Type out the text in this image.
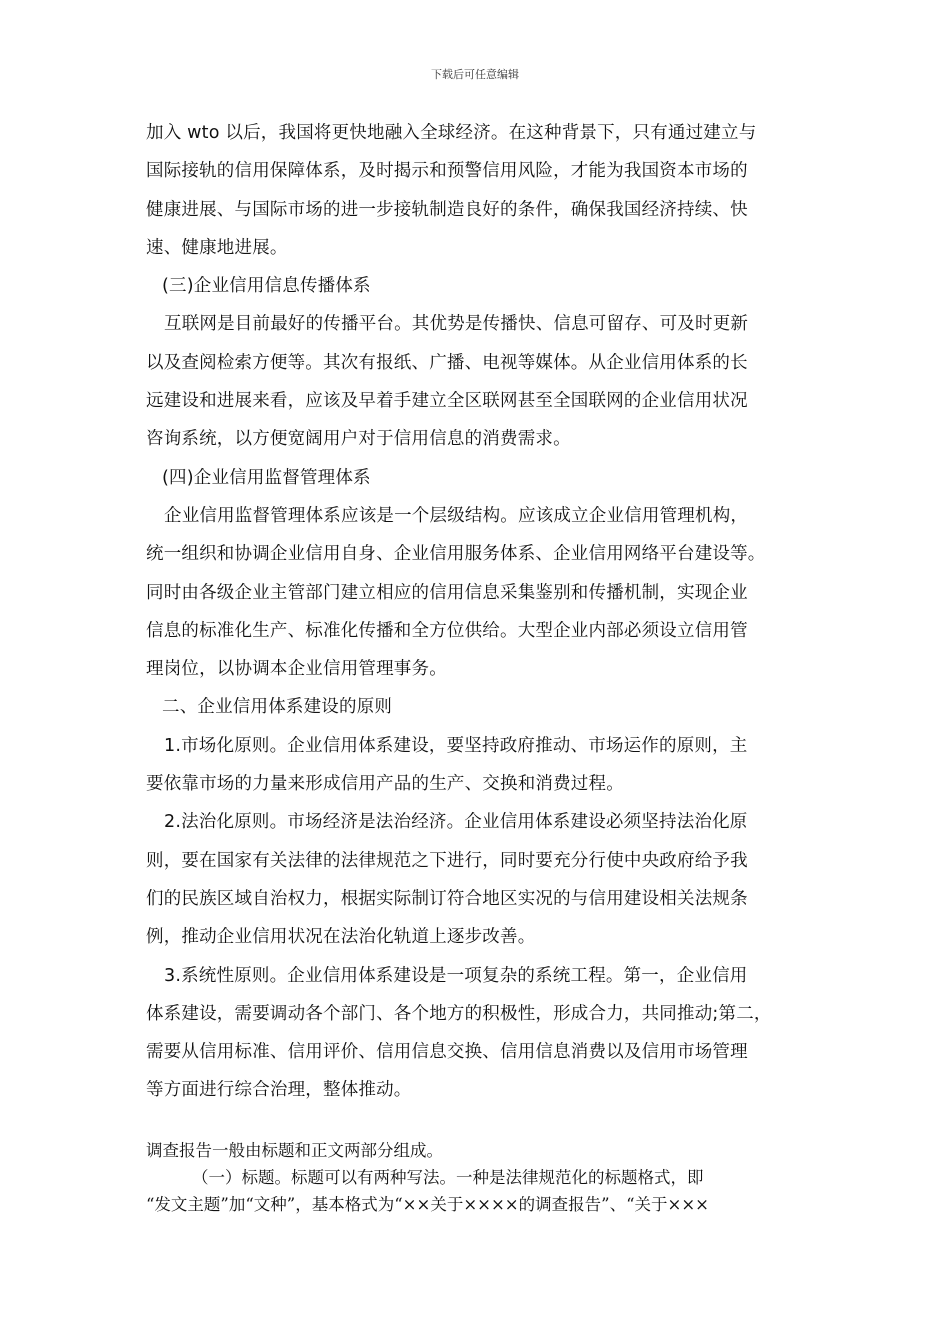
下载后可任意编辑
加入 wto 以后，我国将更快地融入全球经济。在这种背景下，只有通过建立与
国际接轨的信用保障体系，及时揭示和预警信用风险，才能为我国资本市场的
健康进展、与国际市场的进一步接轨制造良好的条件，确保我国经济持续、快
速、健康地进展。
(三)企业信用信息传播体系
互联网是目前最好的传播平台。其优势是传播快、信息可留存、可及时更新
以及查阅检索方便等。其次有报纸、广播、电视等媒体。从企业信用体系的长
远建设和进展来看，应该及早着手建立全区联网甚至全国联网的企业信用状况
咨询系统，以方便宽阔用户对于信用信息的消费需求。
(四)企业信用监督管理体系
企业信用监督管理体系应该是一个层级结构。应该成立企业信用管理机构，
统一组织和协调企业信用自身、企业信用服务体系、企业信用网络平台建设等。
同时由各级企业主管部门建立相应的信用信息采集鉴别和传播机制，实现企业
信息的标准化生产、标准化传播和全方位供给。大型企业内部必须设立信用管
理岗位，以协调本企业信用管理事务。
二、企业信用体系建设的原则
1.市场化原则。企业信用体系建设，要坚持政府推动、市场运作的原则，主
要依靠市场的力量来形成信用产品的生产、交换和消费过程。
2.法治化原则。市场经济是法治经济。企业信用体系建设必须坚持法治化原
则，要在国家有关法律的法律规范之下进行，同时要充分行使中央政府给予我
们的民族区域自治权力，根据实际制订符合地区实况的与信用建设相关法规条
例，推动企业信用状况在法治化轨道上逐步改善。
3.系统性原则。企业信用体系建设是一项复杂的系统工程。第一，企业信用
体系建设，需要调动各个部门、各个地方的积极性，形成合力，共同推动;第二，
需要从信用标准、信用评价、信用信息交换、信用信息消费以及信用市场管理
等方面进行综合治理，整体推动。
调查报告一般由标题和正文两部分组成。
（一）标题。标题可以有两种写法。一种是法律规范化的标题格式，即
“发文主题”加“文种”，基本格式为“××关于××××的调查报告”、“关于×××
